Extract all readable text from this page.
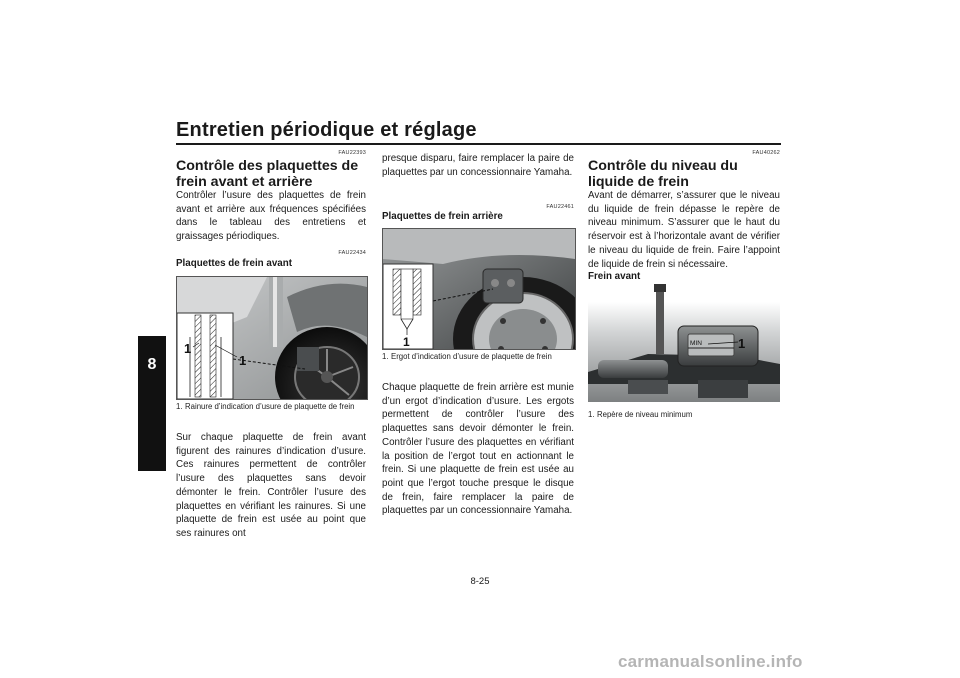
Entretien périodique et réglage
8
FAU22393
Contrôle des plaquettes de frein avant et arrière

Contrôler l’usure des plaquettes de frein avant et arrière aux fréquences spécifiées dans le tableau des entretiens et graissages périodiques.

FAU22434
Plaquettes de frein avant
1
1
1. Rainure d’indication d’usure de plaquette de frein

Sur chaque plaquette de frein avant figurent des rainures d’indication d’usure. Ces rainures permettent de contrôler l’usure des plaquettes sans devoir démonter le frein. Contrôler l’usure des plaquettes en vérifiant les rainures. Si une plaquette de frein est usée au point que ses rainures ont

presque disparu, faire remplacer la paire de plaquettes par un concessionnaire Yamaha.

FAU22461
Plaquettes de frein arrière
1
1. Ergot d’indication d’usure de plaquette de frein

Chaque plaquette de frein arrière est munie d’un ergot d’indication d’usure. Les ergots permettent de contrôler l’usure des plaquettes sans devoir démonter le frein. Contrôler l’usure des plaquettes en vérifiant la position de l’ergot tout en actionnant le frein. Si une plaquette de frein est usée au point que l’ergot touche presque le disque de frein, faire remplacer la paire de plaquettes par un concessionnaire Yamaha.

FAU40262
Contrôle du niveau du liquide de frein

Avant de démarrer, s’assurer que le niveau du liquide de frein dépasse le repère de niveau minimum. S’assurer que le haut du réservoir est à l’horizontale avant de vérifier le niveau du liquide de frein. Faire l’appoint de liquide de frein si nécessaire.

Frein avant
MIN	1
1. Repère de niveau minimum
8-25
carmanualsonline.info
